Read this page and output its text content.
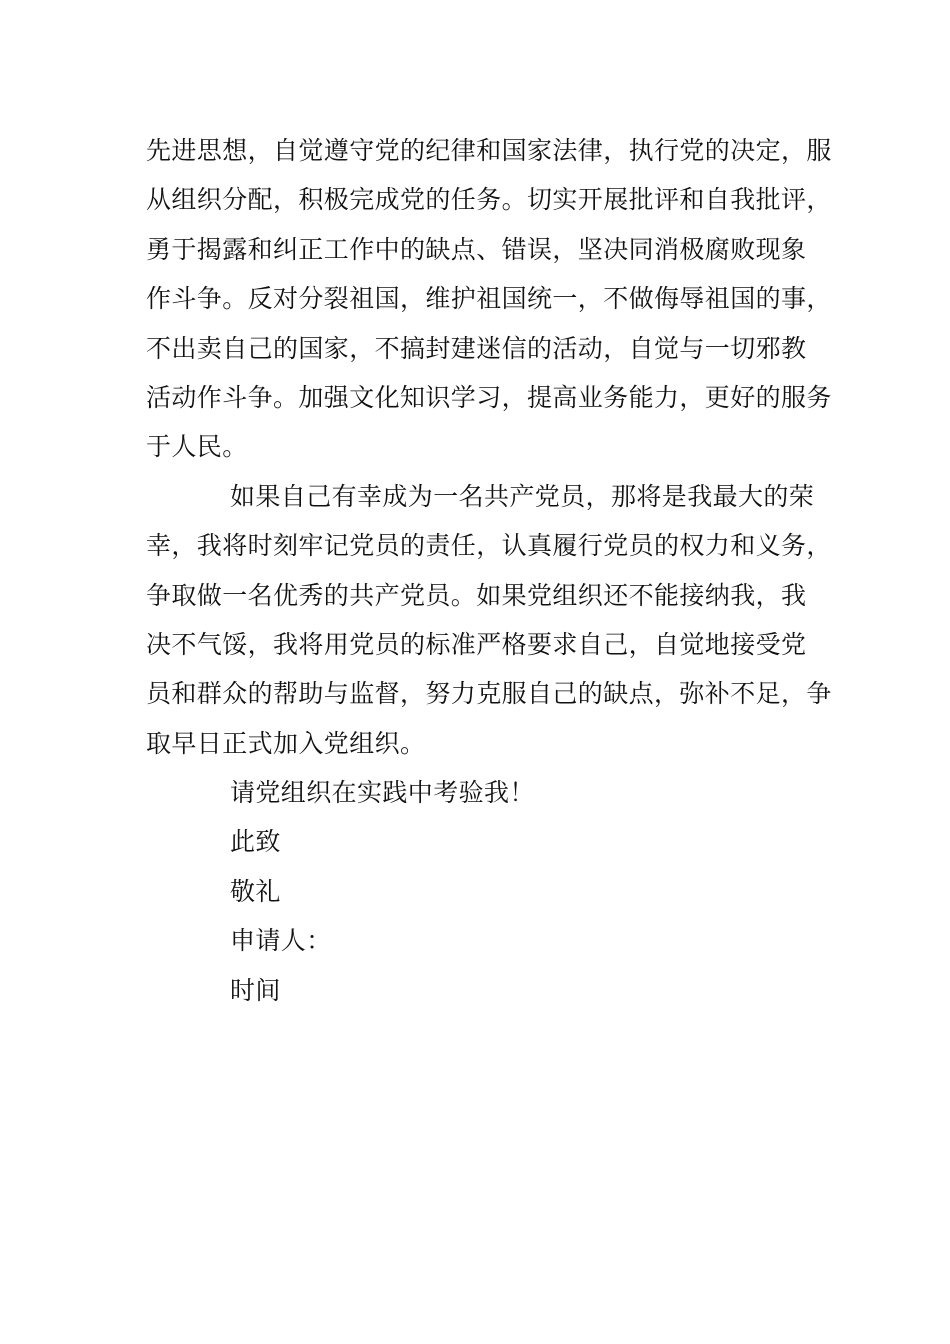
先进思想，自觉遵守党的纪律和国家法律，执行党的决定，服
从组织分配，积极完成党的任务。切实开展批评和自我批评，
勇于揭露和纠正工作中的缺点、错误，坚决同消极腐败现象
作斗争。反对分裂祖国，维护祖国统一，不做侮辱祖国的事，
不出卖自己的国家，不搞封建迷信的活动，自觉与一切邪教
活动作斗争。加强文化知识学习，提高业务能力，更好的服务
于人民。
如果自己有幸成为一名共产党员，那将是我最大的荣
幸，我将时刻牢记党员的责任，认真履行党员的权力和义务，
争取做一名优秀的共产党员。如果党组织还不能接纳我，我
决不气馁，我将用党员的标准严格要求自己，自觉地接受党
员和群众的帮助与监督，努力克服自己的缺点，弥补不足，争
取早日正式加入党组织。
请党组织在实践中考验我！
此致
敬礼
申请人：
时间
